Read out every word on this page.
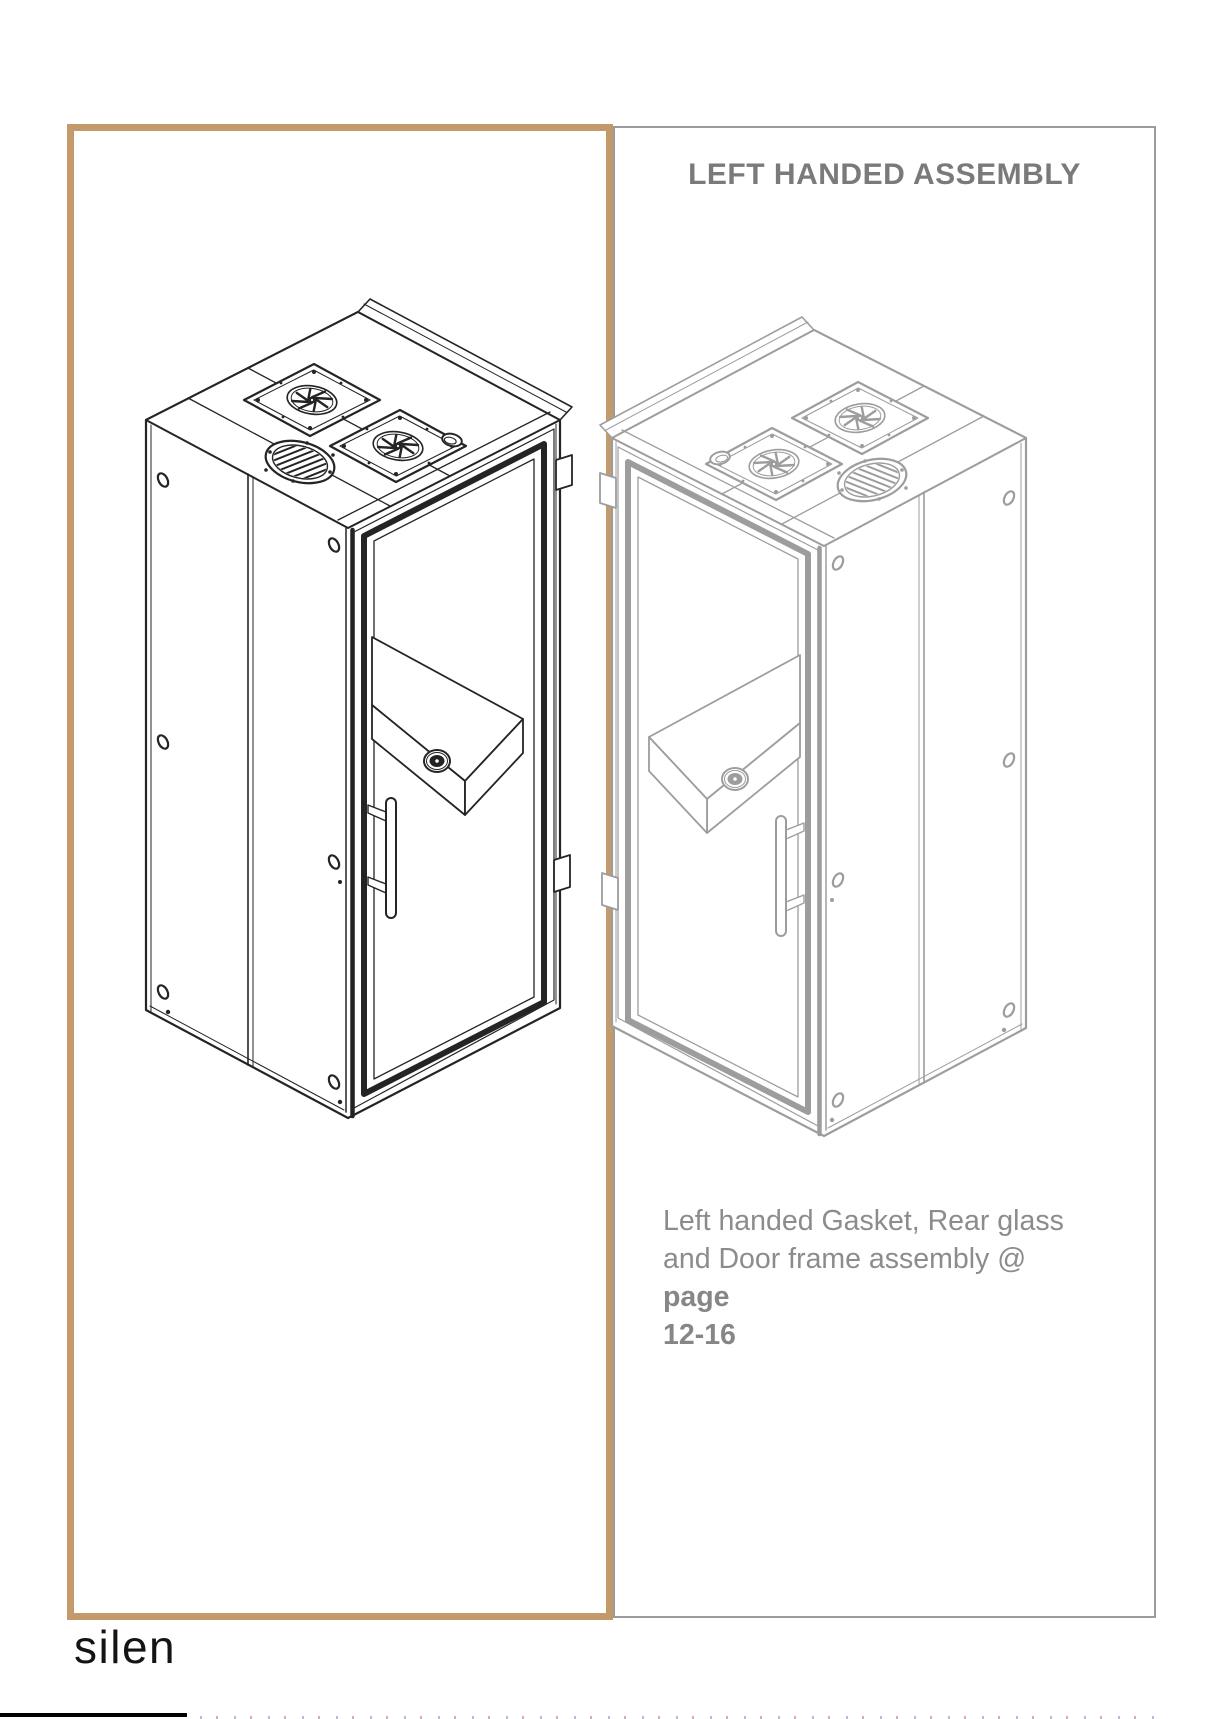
LEFT HANDED ASSEMBLY
Left handed Gasket, Rear glass
and Door frame assembly @ page
12-16
silen
